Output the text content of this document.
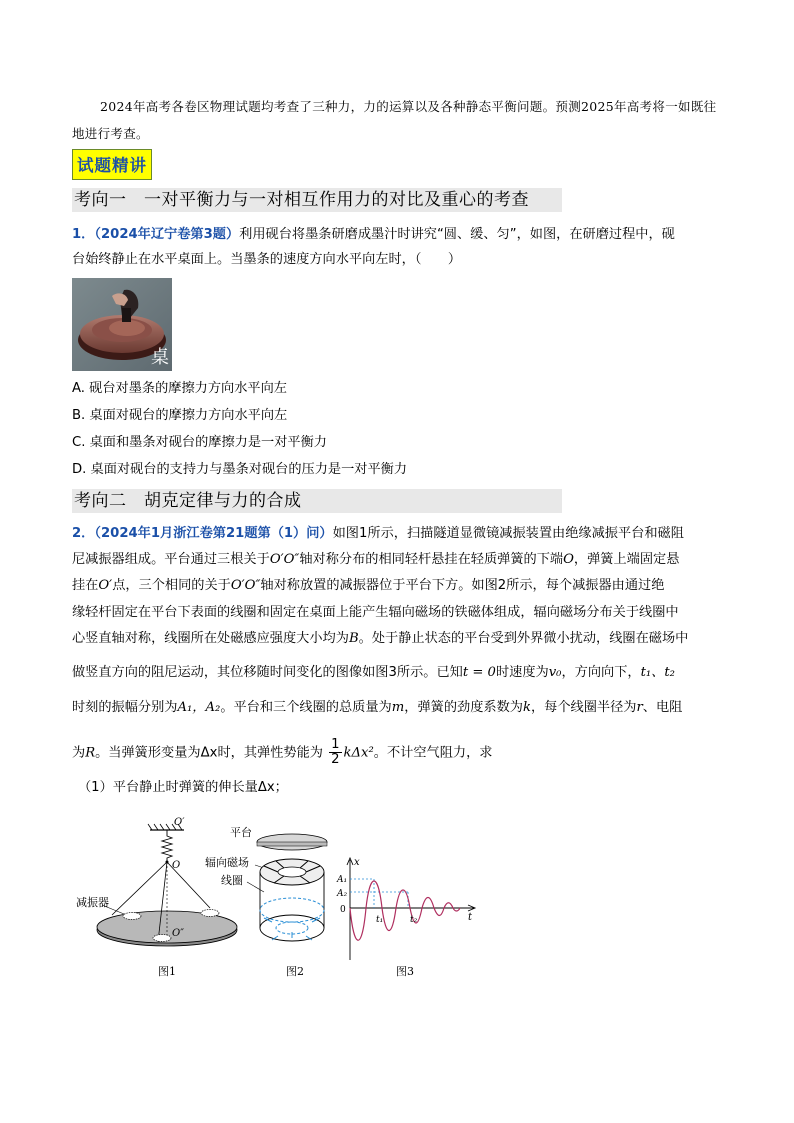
2024年高考各卷区物理试题均考查了三种力，力的运算以及各种静态平衡问题。预测2025年高考将一如既往地进行考查。
试题精讲
考向一　一对平衡力与一对相互作用力的对比及重心的考查
1．（2024年辽宁卷第3题）利用砚台将墨条研磨成墨汁时讲究“圆、缓、匀”，如图，在研磨过程中，砚
台始终静止在水平桌面上。当墨条的速度方向水平向左时，（　　）
桌
A. 砚台对墨条的摩擦力方向水平向左
B. 桌面对砚台的摩擦力方向水平向左
C. 桌面和墨条对砚台的摩擦力是一对平衡力
D. 桌面对砚台的支持力与墨条对砚台的压力是一对平衡力
考向二　胡克定律与力的合成
2．（2024年1月浙江卷第21题第（1）问）如图1所示，扫描隧道显微镜减振装置由绝缘减振平台和磁阻
尼减振器组成。平台通过三根关于O′O″轴对称分布的相同轻杆悬挂在轻质弹簧的下端O，弹簧上端固定悬
挂在O′点，三个相同的关于O′O″轴对称放置的减振器位于平台下方。如图2所示，每个减振器由通过绝
缘轻杆固定在平台下表面的线圈和固定在桌面上能产生辐向磁场的铁磁体组成，辐向磁场分布关于线圈中
心竖直轴对称，线圈所在处磁感应强度大小均为B。处于静止状态的平台受到外界微小扰动，线圈在磁场中
做竖直方向的阻尼运动，其位移随时间变化的图像如图3所示。已知t = 0时速度为v₀，方向向下，t₁、t₂
时刻的振幅分别为A₁，A₂。平台和三个线圈的总质量为m，弹簧的劲度系数为k，每个线圈半径为r、电阻
为R。当弹簧形变量为Δx时，其弹性势能为 $\frac{1}{2} k\Delta x^2$。不计空气阻力，求
（1）平台静止时弹簧的伸长量Δx；
O′
O
O″
减振器
图1
平台
辐向磁场
线圈
图2
x
t
A₁
A₂
0
t₁	t₂
图3
